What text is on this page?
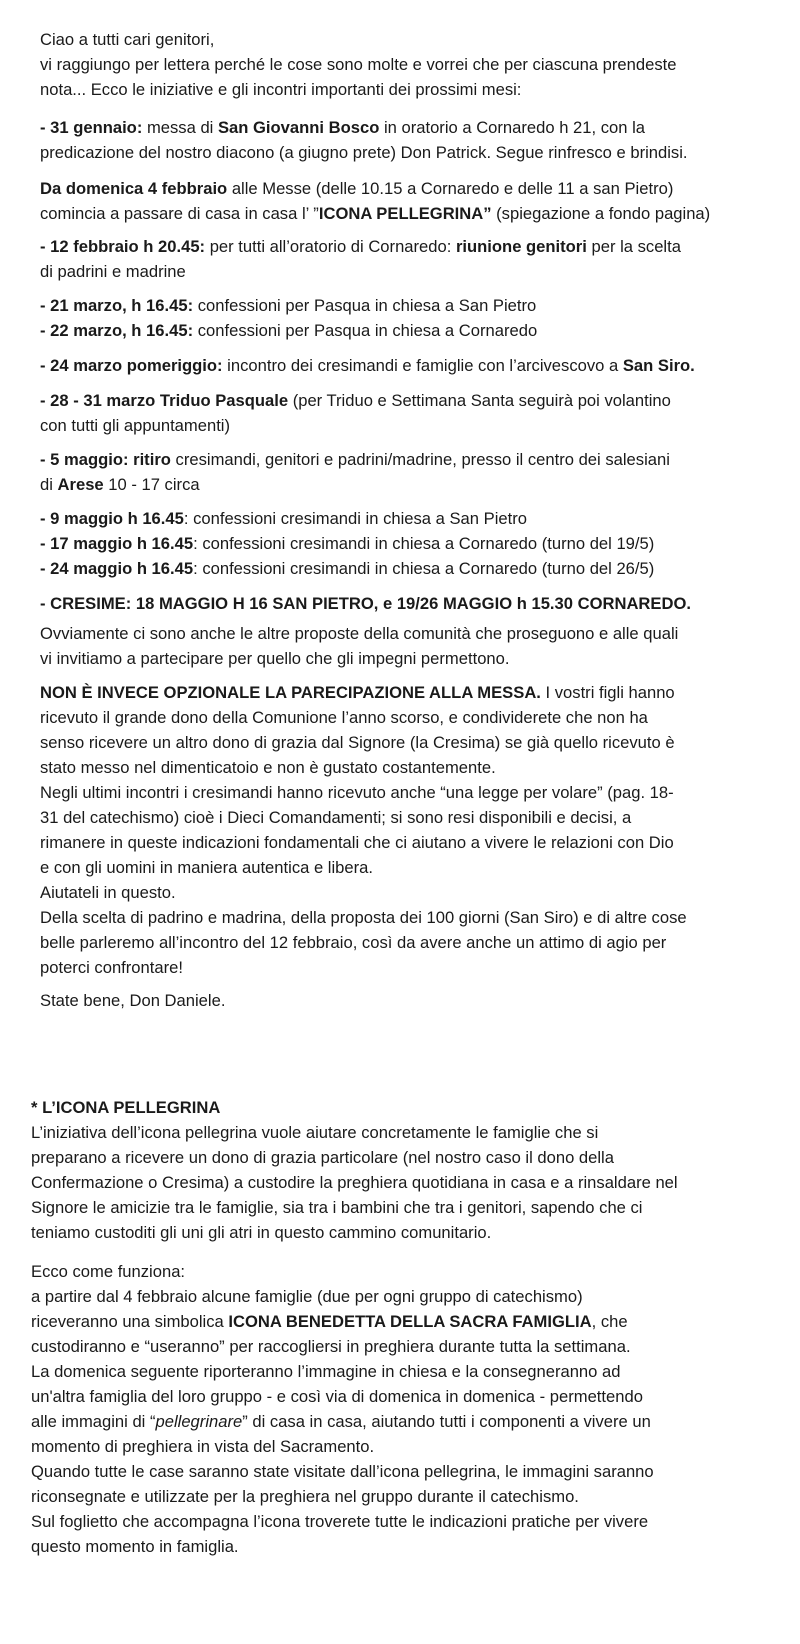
Ciao a tutti cari genitori,
vi raggiungo per lettera perché le cose sono molte e vorrei che per ciascuna prendeste
nota... Ecco le iniziative e gli incontri importanti dei prossimi mesi:

- 31 gennaio: messa di San Giovanni Bosco in oratorio a Cornaredo h 21, con la
predicazione del nostro diacono (a giugno prete) Don Patrick. Segue rinfresco e brindisi.

Da domenica 4 febbraio alle Messe (delle 10.15 a Cornaredo e delle 11 a san Pietro)
comincia a passare di casa in casa l’ ”ICONA PELLEGRINA” (spiegazione a fondo pagina)

- 12 febbraio h 20.45: per tutti all’oratorio di Cornaredo: riunione genitori per la scelta
di padrini e madrine

- 21 marzo, h 16.45: confessioni per Pasqua in chiesa a San Pietro
- 22 marzo, h 16.45: confessioni per Pasqua in chiesa a Cornaredo

- 24 marzo pomeriggio: incontro dei cresimandi e famiglie con l’arcivescovo a San Siro.

- 28 - 31 marzo Triduo Pasquale (per Triduo e Settimana Santa seguirà poi volantino
con tutti gli appuntamenti)

- 5 maggio: ritiro cresimandi, genitori e padrini/madrine, presso il centro dei salesiani
di Arese 10 - 17 circa

- 9 maggio h 16.45: confessioni cresimandi in chiesa a San Pietro
- 17 maggio h 16.45: confessioni cresimandi in chiesa a Cornaredo (turno del 19/5)
- 24 maggio h 16.45: confessioni cresimandi in chiesa a Cornaredo (turno del 26/5)

- CRESIME: 18 MAGGIO H 16 SAN PIETRO, e 19/26 MAGGIO h 15.30 CORNAREDO.

Ovviamente ci sono anche le altre proposte della comunità che proseguono e alle quali
vi invitiamo a partecipare per quello che gli impegni permettono.

NON È INVECE OPZIONALE LA PARECIPAZIONE ALLA MESSA. I vostri figli hanno
ricevuto il grande dono della Comunione l’anno scorso, e condividerete che non ha
senso ricevere un altro dono di grazia dal Signore (la Cresima) se già quello ricevuto è
stato messo nel dimenticatoio e non è gustato costantemente.
Negli ultimi incontri i cresimandi hanno ricevuto anche “una legge per volare” (pag. 18-
31 del catechismo) cioè i Dieci Comandamenti; si sono resi disponibili e decisi, a
rimanere in queste indicazioni fondamentali che ci aiutano a vivere le relazioni con Dio
e con gli uomini in maniera autentica e libera.
Aiutateli in questo.

Della scelta di padrino e madrina, della proposta dei 100 giorni (San Siro) e di altre cose
belle parleremo all’incontro del 12 febbraio, così da avere anche un attimo di agio per
poterci confrontare!

State bene, Don Daniele.

* L’ICONA PELLEGRINA
L’iniziativa dell’icona pellegrina vuole aiutare concretamente le famiglie che si
preparano a ricevere un dono di grazia particolare (nel nostro caso il dono della
Confermazione o Cresima) a custodire la preghiera quotidiana in casa e a rinsaldare nel
Signore le amicizie tra le famiglie, sia tra i bambini che tra i genitori, sapendo che ci
teniamo custoditi gli uni gli atri in questo cammino comunitario.

Ecco come funziona:
a partire dal 4 febbraio alcune famiglie (due per ogni gruppo di catechismo)
riceveranno una simbolica ICONA BENEDETTA DELLA SACRA FAMIGLIA, che
custodiranno e “useranno” per raccogliersi in preghiera durante tutta la settimana.
La domenica seguente riporteranno l’immagine in chiesa e la consegneranno ad
un'altra famiglia del loro gruppo - e così via di domenica in domenica - permettendo
alle immagini di “pellegrinare” di casa in casa, aiutando tutti i componenti a vivere un
momento di preghiera in vista del Sacramento.
Quando tutte le case saranno state visitate dall’icona pellegrina, le immagini saranno
riconsegnate e utilizzate per la preghiera nel gruppo durante il catechismo.
Sul foglietto che accompagna l’icona troverete tutte le indicazioni pratiche per vivere
questo momento in famiglia.
